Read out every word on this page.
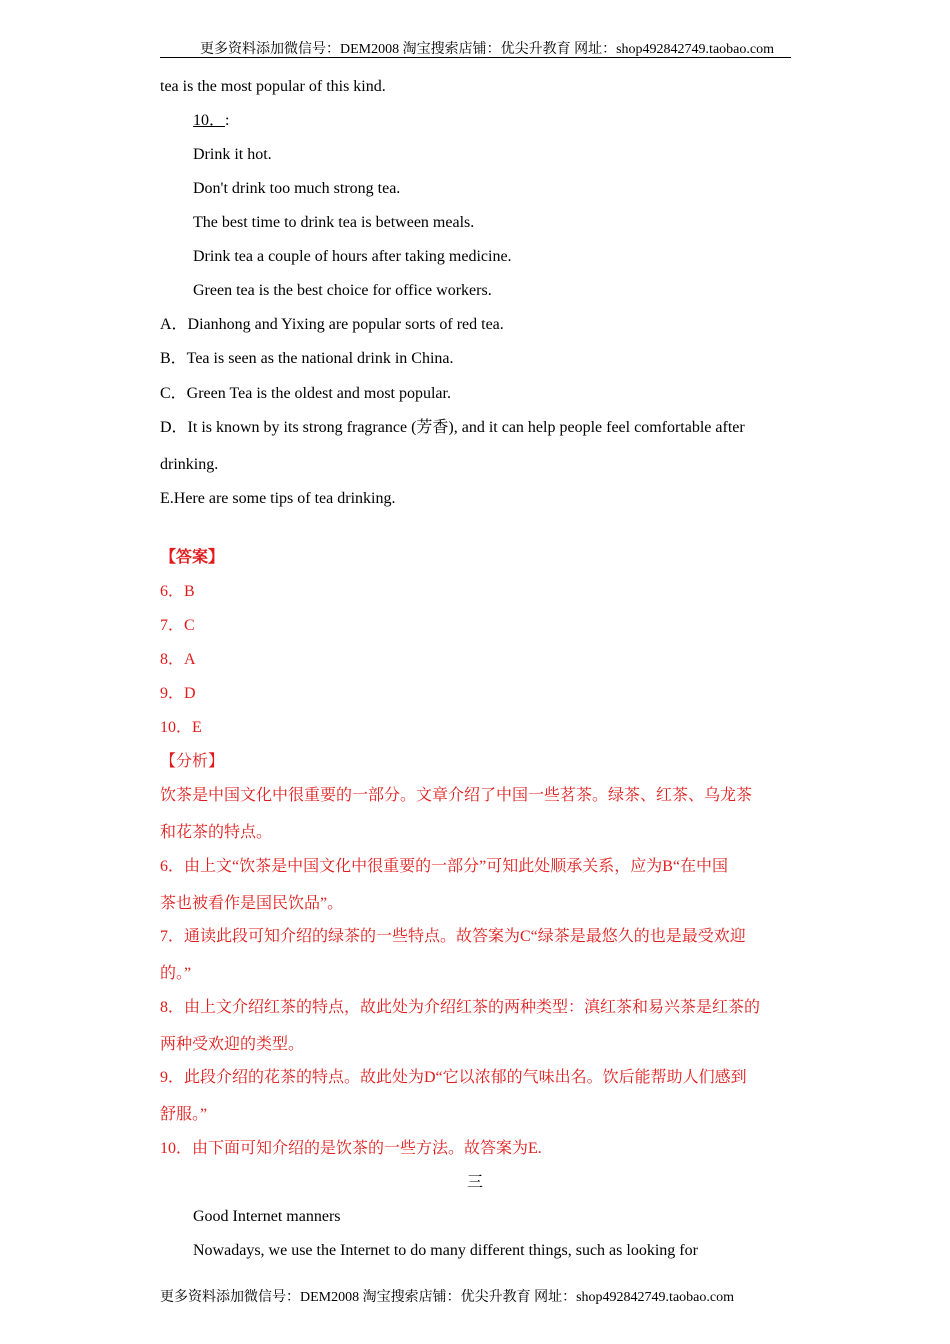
更多资料添加微信号：DEM2008 淘宝搜索店铺：优尖升教育 网址：shop492842749.taobao.com
tea is the most popular of this kind.
10．:
Drink it hot.
Don't drink too much strong tea.
The best time to drink tea is between meals.
Drink tea a couple of hours after taking medicine.
Green tea is the best choice for office workers.
A．Dianhong and Yixing are popular sorts of red tea.
B．Tea is seen as the national drink in China.
C．Green Tea is the oldest and most popular.
D．It is known by its strong fragrance (芳香), and it can help people feel comfortable after
drinking.
E.Here are some tips of tea drinking.
【答案】
6．B
7．C
8．A
9．D
10．E
【分析】
饮茶是中国文化中很重要的一部分。文章介绍了中国一些茗茶。绿茶、红茶、乌龙茶
和花茶的特点。
6．由上文“饮茶是中国文化中很重要的一部分”可知此处顺承关系，应为B“在中国
茶也被看作是国民饮品”。
7．通读此段可知介绍的绿茶的一些特点。故答案为C“绿茶是最悠久的也是最受欢迎
的。”
8．由上文介绍红茶的特点，故此处为介绍红茶的两种类型：滇红茶和易兴茶是红茶的
两种受欢迎的类型。
9．此段介绍的花茶的特点。故此处为D“它以浓郁的气味出名。饮后能帮助人们感到
舒服。”
10．由下面可知介绍的是饮茶的一些方法。故答案为E.
三
Good Internet manners
Nowadays, we use the Internet to do many different things, such as looking for
更多资料添加微信号：DEM2008 淘宝搜索店铺：优尖升教育 网址：shop492842749.taobao.com
